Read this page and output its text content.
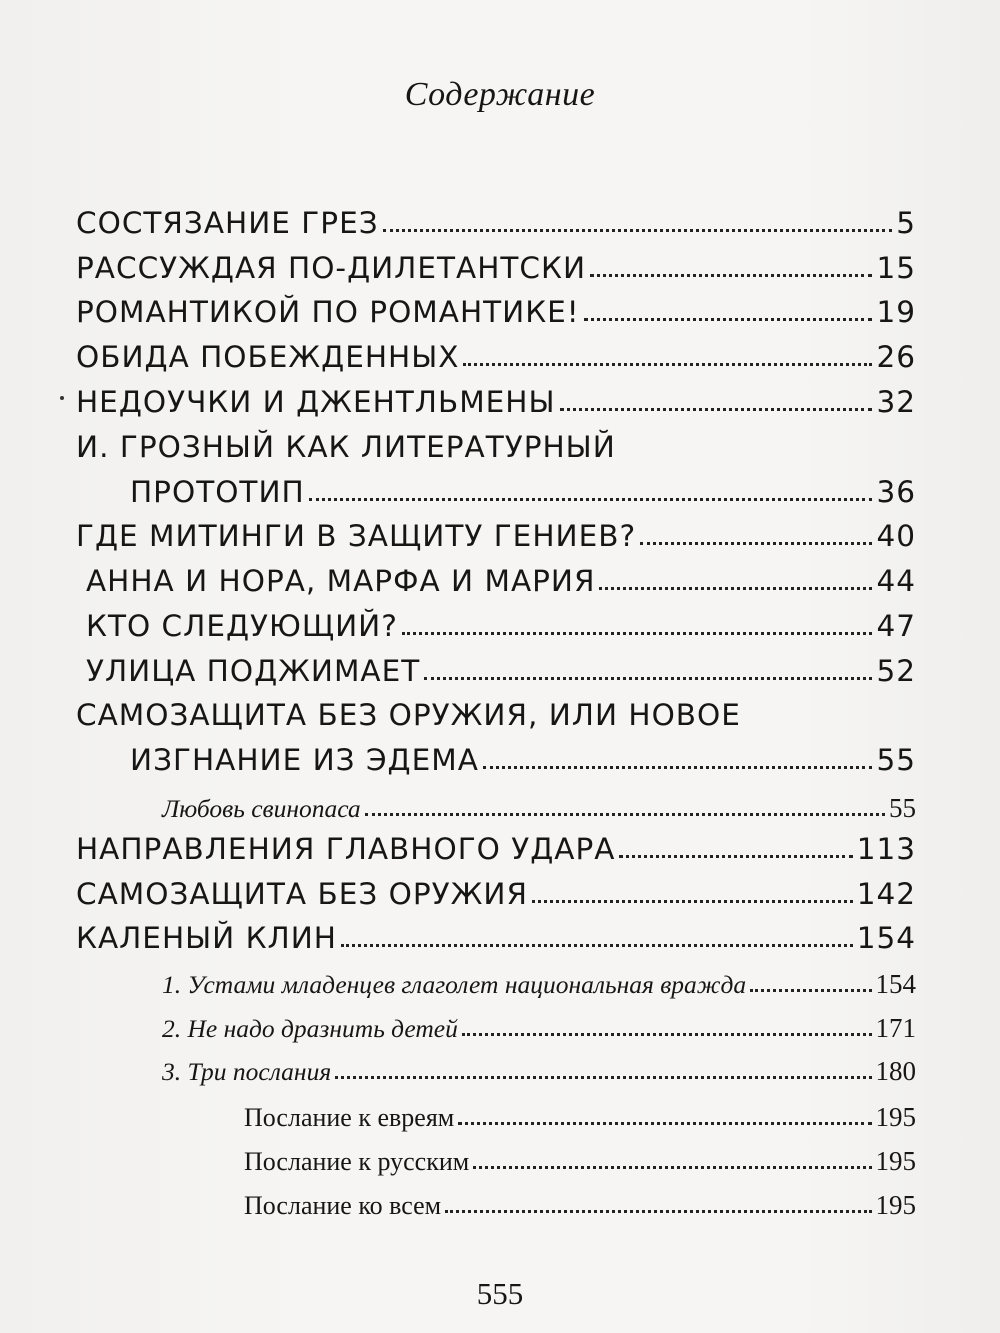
Содержание
СОСТЯЗАНИЕ ГРЕЗ	5
РАССУЖДАЯ ПО-ДИЛЕТАНТСКИ	15
РОМАНТИКОЙ ПО РОМАНТИКЕ!	19
ОБИДА ПОБЕЖДЕННЫХ	26
НЕДОУЧКИ И ДЖЕНТЛЬМЕНЫ	32
И. ГРОЗНЫЙ КАК ЛИТЕРАТУРНЫЙ
ПРОТОТИП	36
ГДЕ МИТИНГИ В ЗАЩИТУ ГЕНИЕВ?	40
АННА И НОРА, МАРФА И МАРИЯ	44
КТО СЛЕДУЮЩИЙ?	47
УЛИЦА ПОДЖИМАЕТ	52
САМОЗАЩИТА БЕЗ ОРУЖИЯ, ИЛИ НОВОЕ
ИЗГНАНИЕ ИЗ ЭДЕМА	55
Любовь свинопаса	55
НАПРАВЛЕНИЯ ГЛАВНОГО УДАРА	113
САМОЗАЩИТА БЕЗ ОРУЖИЯ	142
КАЛЕНЫЙ КЛИН	154
1. Устами младенцев глаголет национальная вражда	154
2. Не надо дразнить детей	171
3. Три послания	180
Послание к евреям	195
Послание к русским	195
Послание ко всем	195
555
